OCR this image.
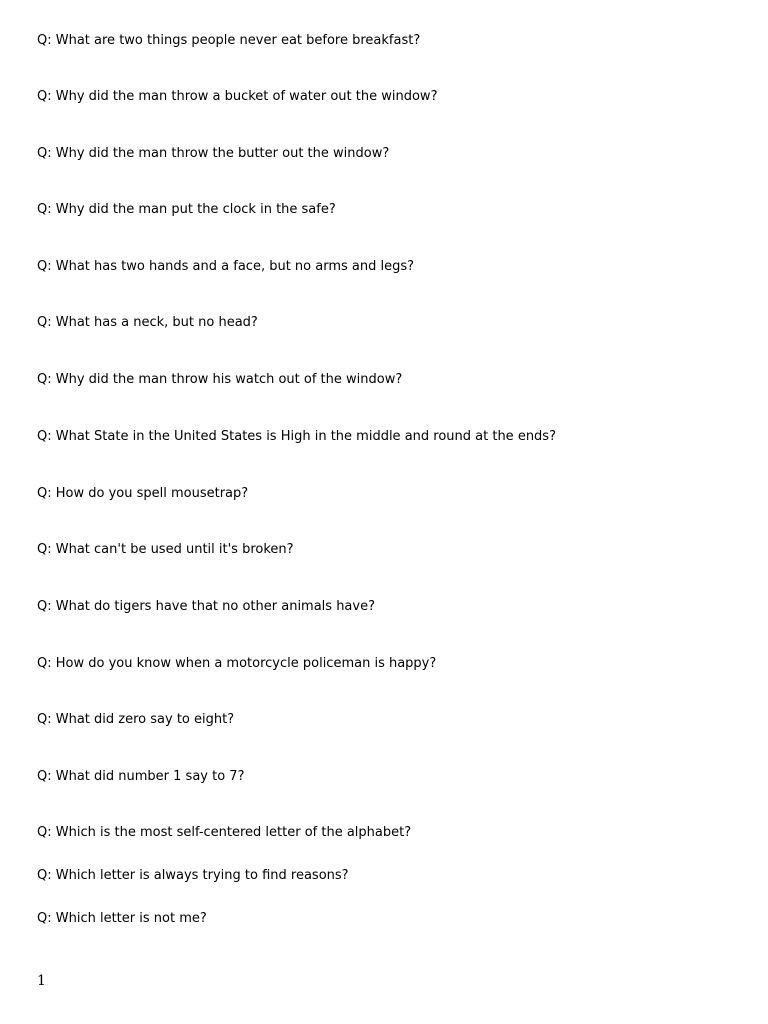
Q: What are two things people never eat before breakfast?

Q: Why did the man throw a bucket of water out the window?

Q: Why did the man throw the butter out the window?

Q: Why did the man put the clock in the safe?

Q: What has two hands and a face, but no arms and legs?

Q: What has a neck, but no head?

Q: Why did the man throw his watch out of the window?

Q: What State in the United States is High in the middle and round at the ends?

Q: How do you spell mousetrap?

Q: What can't be used until it's broken?

Q: What do tigers have that no other animals have?

Q: How do you know when a motorcycle policeman is happy?

Q: What did zero say to eight?

Q: What did number 1 say to 7?

Q: Which is the most self-centered letter of the alphabet?

Q: Which letter is always trying to find reasons?

Q: Which letter is not me?

1
